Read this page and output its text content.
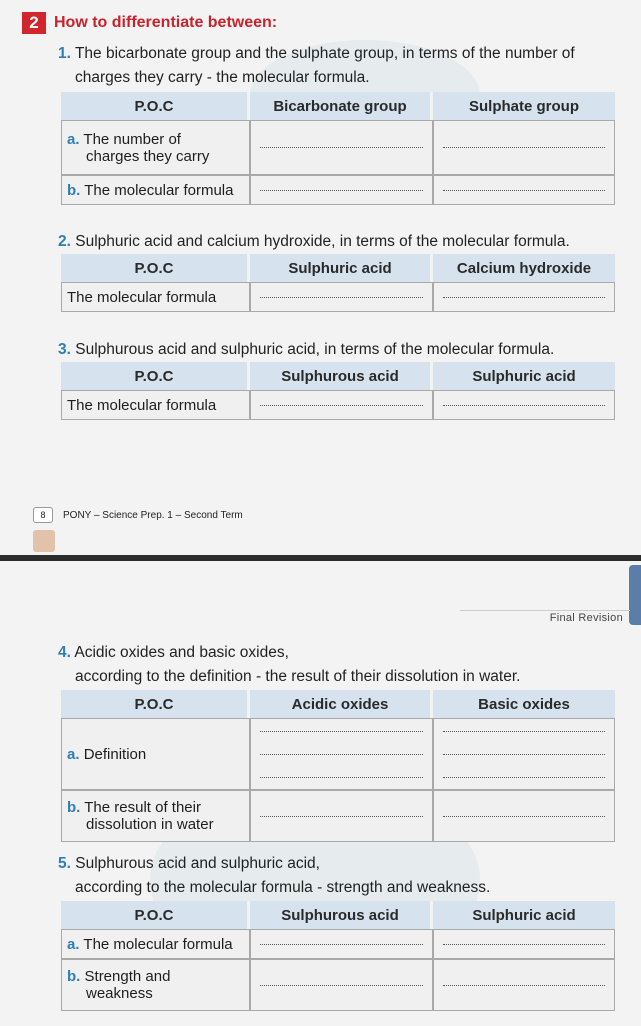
2 How to differentiate between:
1. The bicarbonate group and the sulphate group, in terms of the number of
charges they carry - the molecular formula.
P.O.C	Bicarbonate group	Sulphate group

a. The number of
charges they carry		

b. The molecular formula	

2. Sulphuric acid and calcium hydroxide, in terms of the molecular formula.
P.O.C	Sulphuric acid	Calcium hydroxide
The molecular formula	

3. Sulphurous acid and sulphuric acid, in terms of the molecular formula.
P.O.C	Sulphurous acid	Sulphuric acid
The molecular formula	

8	PONY – Science Prep. 1 – Second Term
Final Revision
4. Acidic oxides and basic oxides,
according to the definition - the result of their dissolution in water.
P.O.C	Acidic oxides	Basic oxides
a. Definition	

b. The result of their
dissolution in water		

5. Sulphurous acid and sulphuric acid,
according to the molecular formula - strength and weakness.
P.O.C	Sulphurous acid	Sulphuric acid
a. The molecular formula	

b. Strength and
weakness		
